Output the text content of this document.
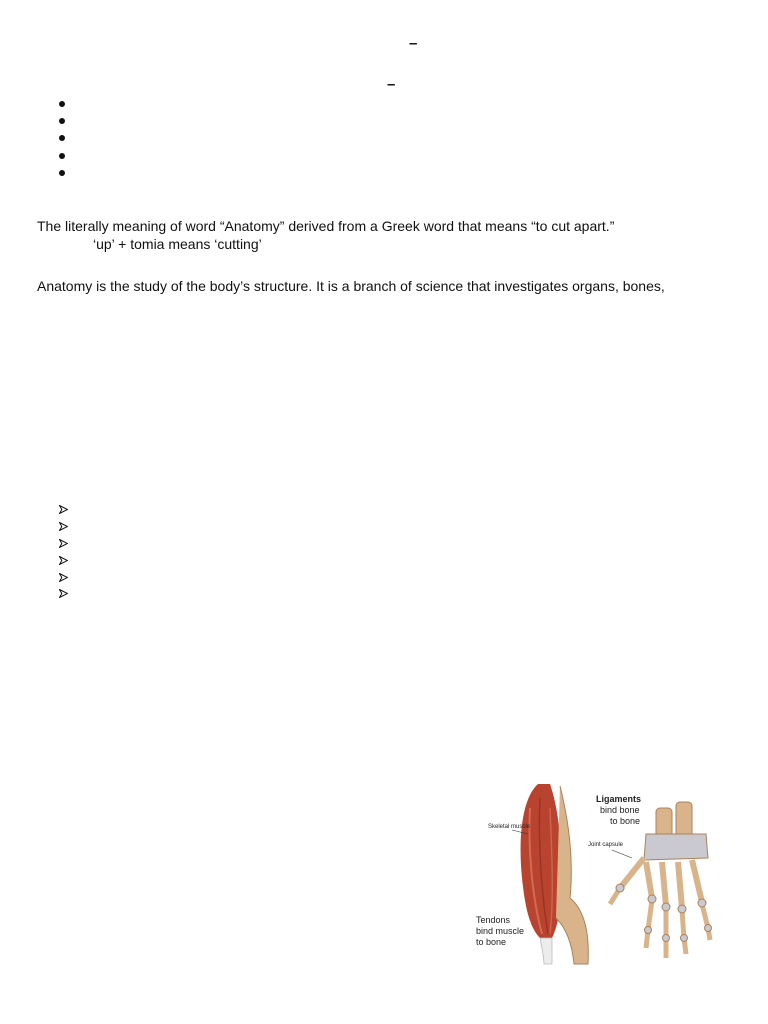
–
–
The literally meaning of word “Anatomy” derived from a Greek word that means “to cut apart.”
‘up’ + tomia means ‘cutting’
Anatomy is the study of the body’s structure. It is a branch of science that investigates organs, bones,
Skeletal muscle
Tendons
bind muscle
to bone
Ligaments
bind bone
to bone
Joint capsule
